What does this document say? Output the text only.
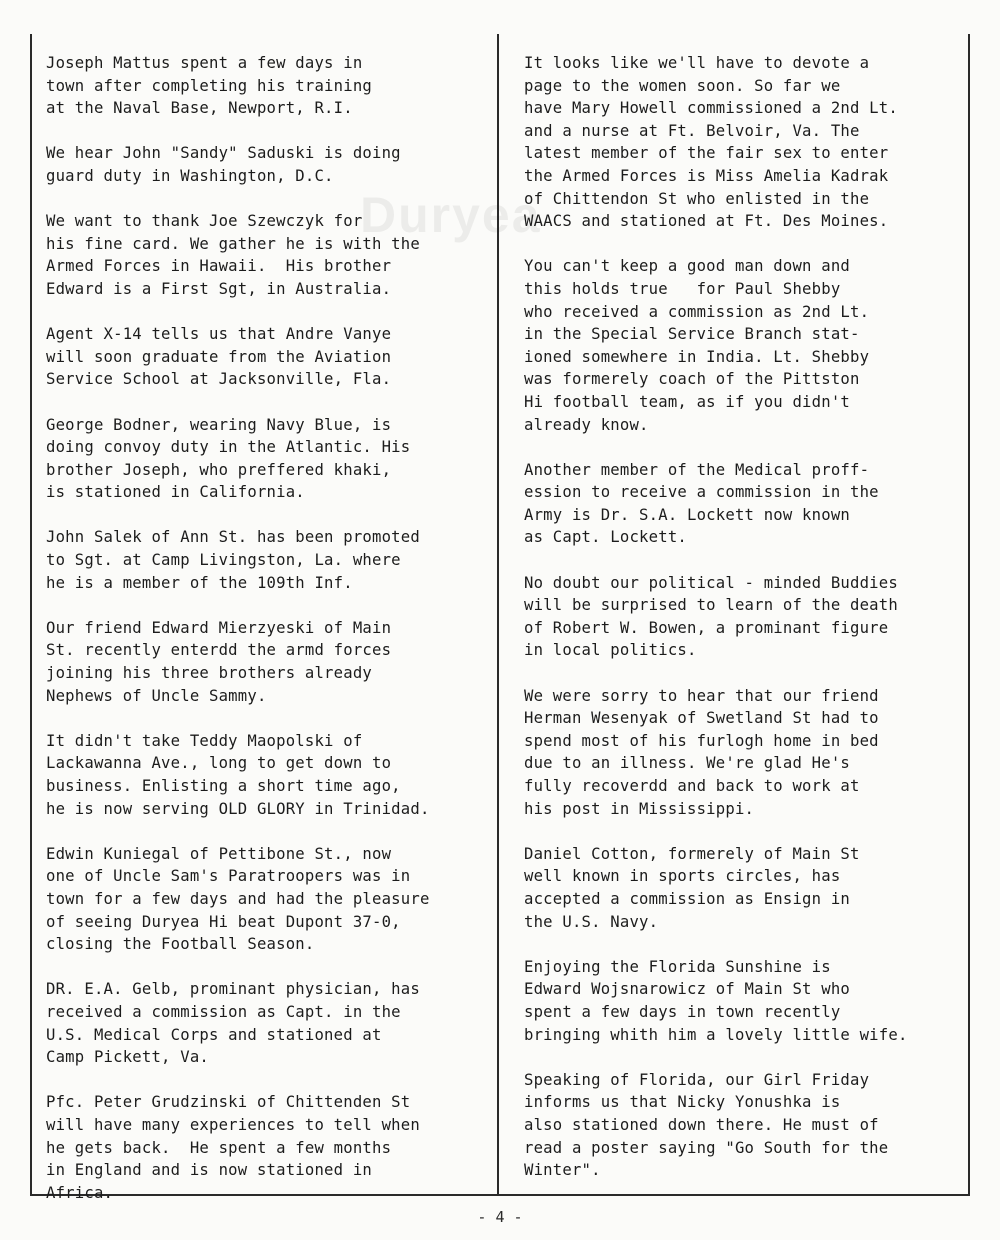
Duryea
Joseph Mattus spent a few days in
town after completing his training
at the Naval Base, Newport, R.I.
We hear John "Sandy" Saduski is doing
guard duty in Washington, D.C.
We want to thank Joe Szewczyk for
his fine card. We gather he is with the
Armed Forces in Hawaii.  His brother
Edward is a First Sgt, in Australia.
Agent X-14 tells us that Andre Vanye
will soon graduate from the Aviation
Service School at Jacksonville, Fla.
George Bodner, wearing Navy Blue, is
doing convoy duty in the Atlantic. His
brother Joseph, who preffered khaki,
is stationed in California.
John Salek of Ann St. has been promoted
to Sgt. at Camp Livingston, La. where
he is a member of the 109th Inf.
Our friend Edward Mierzyeski of Main
St. recently enterdd the armd forces
joining his three brothers already
Nephews of Uncle Sammy.
It didn't take Teddy Maopolski of
Lackawanna Ave., long to get down to
business. Enlisting a short time ago,
he is now serving OLD GLORY in Trinidad.
Edwin Kuniegal of Pettibone St., now
one of Uncle Sam's Paratroopers was in
town for a few days and had the pleasure
of seeing Duryea Hi beat Dupont 37-0,
closing the Football Season.
DR. E.A. Gelb, prominant physician, has
received a commission as Capt. in the
U.S. Medical Corps and stationed at
Camp Pickett, Va.
Pfc. Peter Grudzinski of Chittenden St
will have many experiences to tell when
he gets back.  He spent a few months
in England and is now stationed in
Africa.
It looks like we'll have to devote a
page to the women soon. So far we
have Mary Howell commissioned a 2nd Lt.
and a nurse at Ft. Belvoir, Va. The
latest member of the fair sex to enter
the Armed Forces is Miss Amelia Kadrak
of Chittendon St who enlisted in the
WAACS and stationed at Ft. Des Moines.
You can't keep a good man down and
this holds true   for Paul Shebby
who received a commission as 2nd Lt.
in the Special Service Branch stat-
ioned somewhere in India. Lt. Shebby
was formerely coach of the Pittston
Hi football team, as if you didn't
already know.
Another member of the Medical proff-
ession to receive a commission in the
Army is Dr. S.A. Lockett now known
as Capt. Lockett.
No doubt our political - minded Buddies
will be surprised to learn of the death
of Robert W. Bowen, a prominant figure
in local politics.
We were sorry to hear that our friend
Herman Wesenyak of Swetland St had to
spend most of his furlogh home in bed
due to an illness. We're glad He's
fully recoverdd and back to work at
his post in Mississippi.
Daniel Cotton, formerely of Main St
well known in sports circles, has
accepted a commission as Ensign in
the U.S. Navy.
Enjoying the Florida Sunshine is
Edward Wojsnarowicz of Main St who
spent a few days in town recently
bringing whith him a lovely little wife.
Speaking of Florida, our Girl Friday
informs us that Nicky Yonushka is
also stationed down there. He must of
read a poster saying "Go South for the
Winter".
- 4 -
